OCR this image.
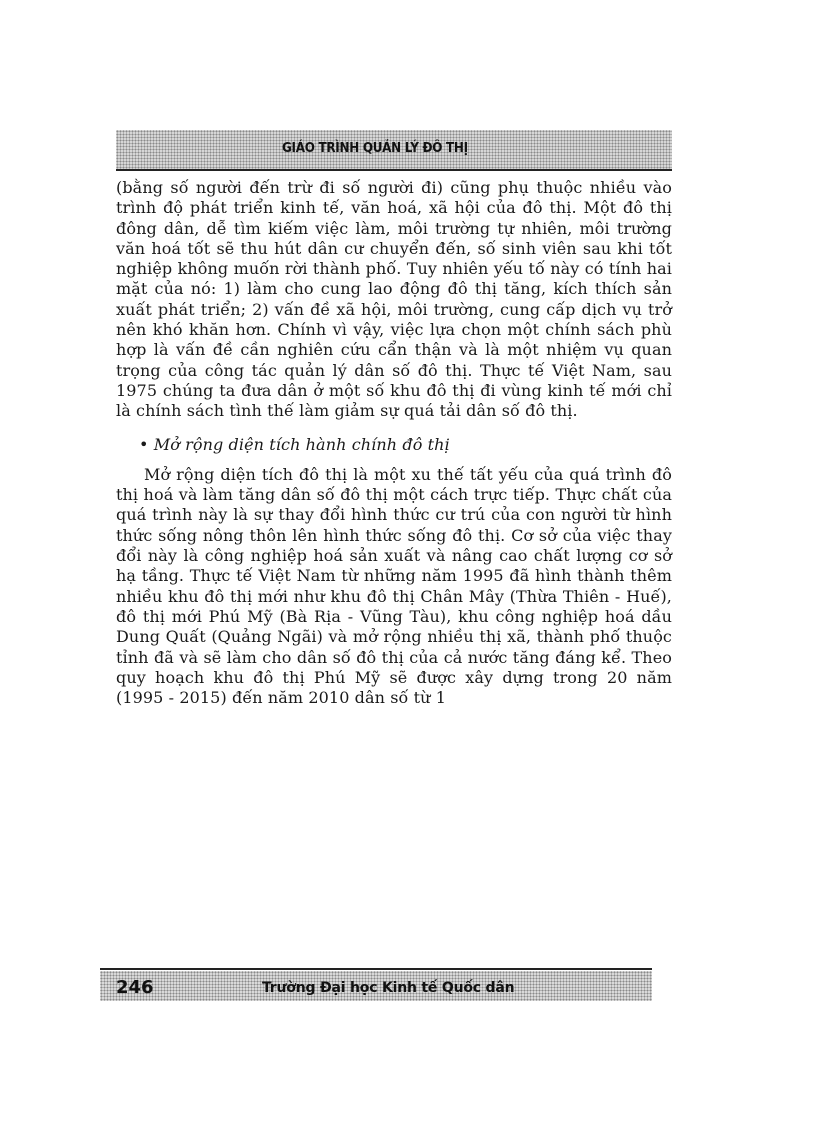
GIÁO TRÌNH QUẢN LÝ ĐÔ THỊ

(bằng số người đến trừ đi số người đi) cũng phụ thuộc nhiều vào trình độ phát triển kinh tế, văn hoá, xã hội của đô thị. Một đô thị đông dân, dễ tìm kiếm việc làm, môi trường tự nhiên, môi trường văn hoá tốt sẽ thu hút dân cư chuyển đến, số sinh viên sau khi tốt nghiệp không muốn rời thành phố. Tuy nhiên yếu tố này có tính hai mặt của nó: 1) làm cho cung lao động đô thị tăng, kích thích sản xuất phát triển; 2) vấn đề xã hội, môi trường, cung cấp dịch vụ trở nên khó khăn hơn. Chính vì vậy, việc lựa chọn một chính sách phù hợp là vấn đề cần nghiên cứu cẩn thận và là một nhiệm vụ quan trọng của công tác quản lý dân số đô thị. Thực tế Việt Nam, sau 1975 chúng ta đưa dân ở một số khu đô thị đi vùng kinh tế mới chỉ là chính sách tình thế làm giảm sự quá tải dân số đô thị.

• Mở rộng diện tích hành chính đô thị

Mở rộng diện tích đô thị là một xu thế tất yếu của quá trình đô thị hoá và làm tăng dân số đô thị một cách trực tiếp. Thực chất của quá trình này là sự thay đổi hình thức cư trú của con người từ hình thức sống nông thôn lên hình thức sống đô thị. Cơ sở của việc thay đổi này là công nghiệp hoá sản xuất và nâng cao chất lượng cơ sở hạ tầng. Thực tế Việt Nam từ những năm 1995 đã hình thành thêm nhiều khu đô thị mới như khu đô thị Chân Mây (Thừa Thiên - Huế), đô thị mới Phú Mỹ (Bà Rịa - Vũng Tàu), khu công nghiệp hoá dầu Dung Quất (Quảng Ngãi) và mở rộng nhiều thị xã, thành phố thuộc tỉnh đã và sẽ làm cho dân số đô thị của cả nước tăng đáng kể. Theo quy hoạch khu đô thị Phú Mỹ sẽ được xây dựng trong 20 năm (1995 - 2015) đến năm 2010 dân số từ 1

246	Trường Đại học Kinh tế Quốc dân
